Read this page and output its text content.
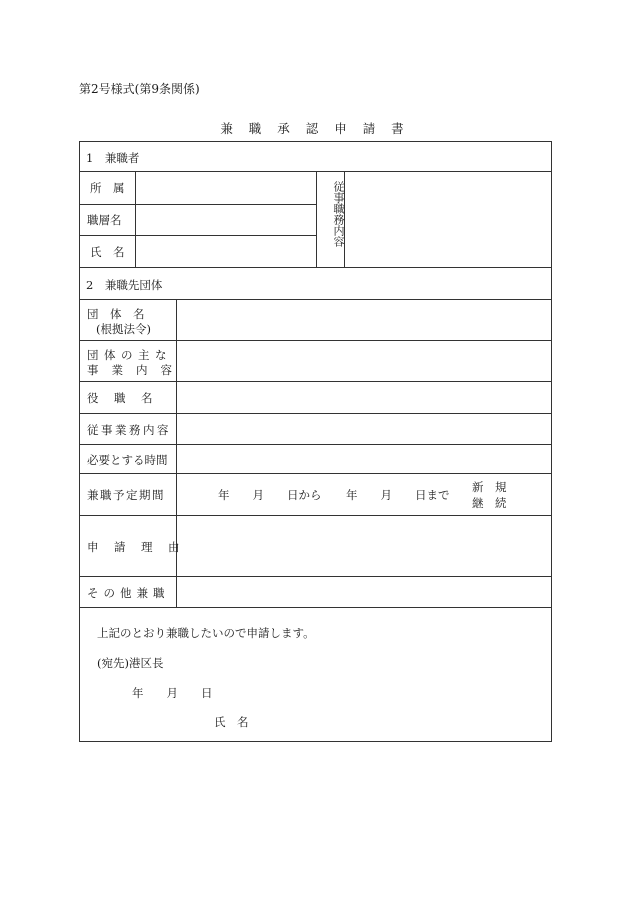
第2号様式(第9条関係)
兼 職 承 認 申 請 書
1　兼職者
所　属
職層名
氏　名
従事職務内容
2　兼職先団体
団　体　名
(根拠法令)
団体の主な
事業内容
役　職　名
従事業務内容
必要とする時間
兼職予定期間	年　　月　　日から 年　　月　　日まで
新　規
継　続
申　請　理　由
その他兼職
上記のとおり兼職したいので申請します。
(宛先)港区長
年　　月　　日
氏　名
